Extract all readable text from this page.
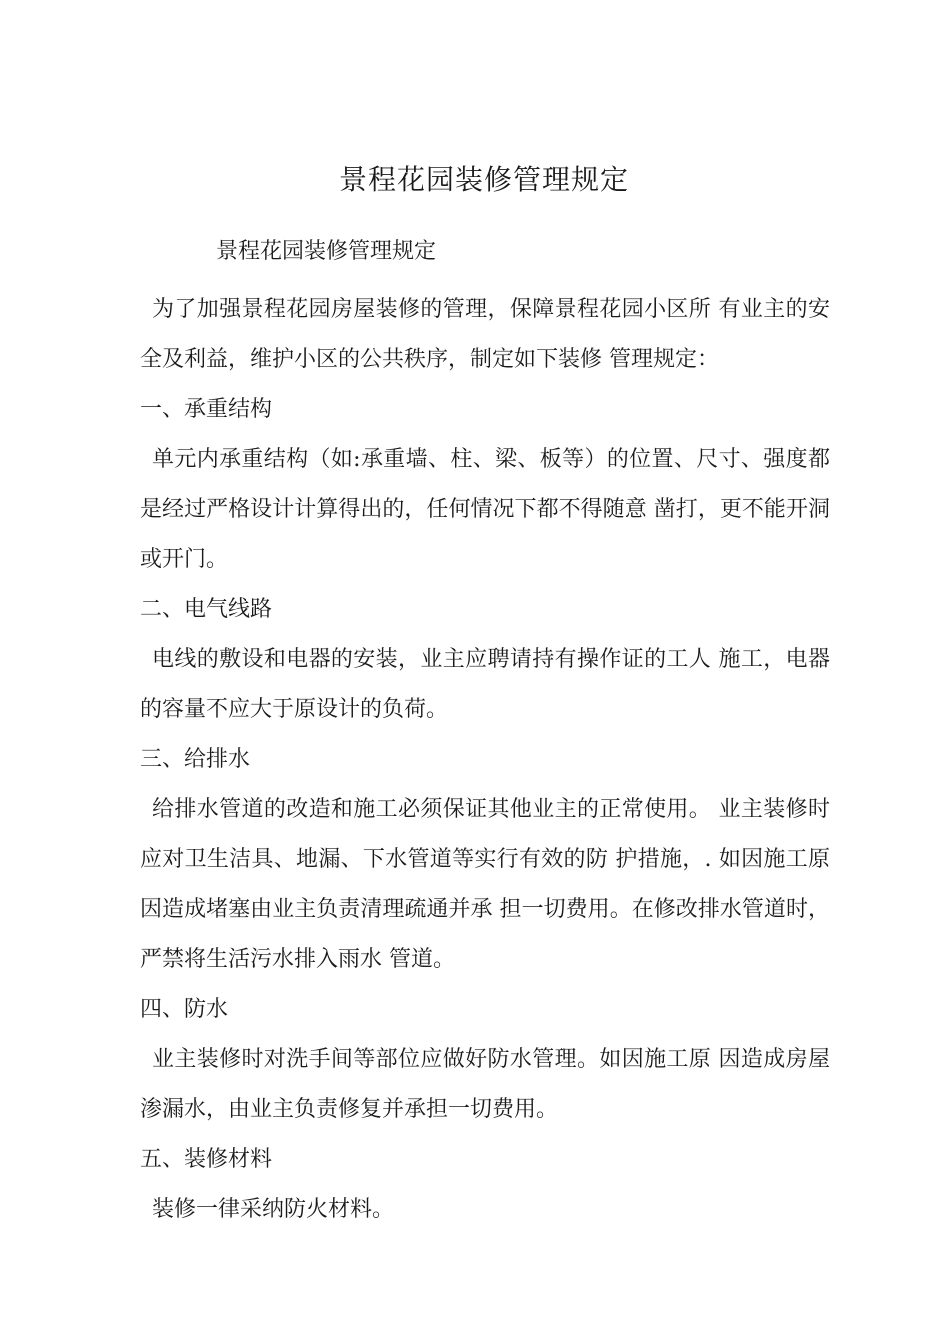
景程花园装修管理规定

景程花园装修管理规定

为了加强景程花园房屋装修的管理，保障景程花园小区所 有业主的安全及利益，维护小区的公共秩序，制定如下装修 管理规定：

一、承重结构

单元内承重结构（如:承重墙、柱、梁、板等）的位置、尺寸、强度都是经过严格设计计算得出的，任何情况下都不得随意 凿打，更不能开洞或开门。

二、电气线路

电线的敷设和电器的安装，业主应聘请持有操作证的工人 施工，电器的容量不应大于原设计的负荷。

三、给排水

给排水管道的改造和施工必须保证其他业主的正常使用。 业主装修时应对卫生洁具、地漏、下水管道等实行有效的防 护措施，. 如因施工原因造成堵塞由业主负责清理疏通并承 担一切费用。在修改排水管道时，严禁将生活污水排入雨水 管道。

四、防水

业主装修时对洗手间等部位应做好防水管理。如因施工原 因造成房屋渗漏水，由业主负责修复并承担一切费用。

五、装修材料

装修一律采纳防火材料。
